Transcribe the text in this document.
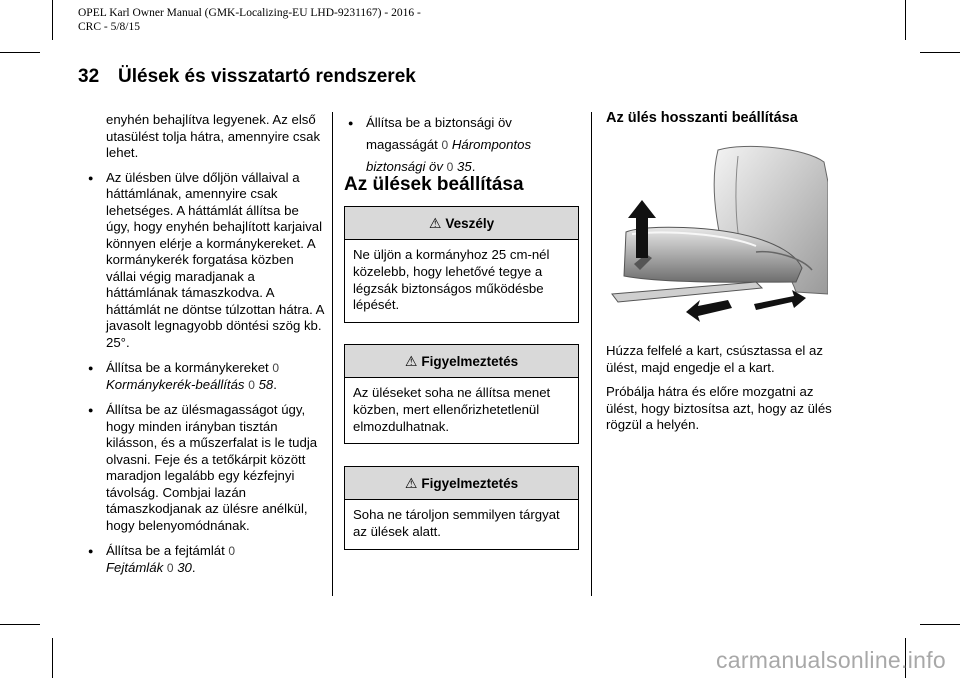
OPEL Karl Owner Manual (GMK-Localizing-EU LHD-9231167) - 2016 -
CRC - 5/8/15
32 Ülések és visszatartó rendszerek

enyhén behajlítva legyenek. Az első utasülést tolja hátra, amennyire csak lehet.

● Az ülésben ülve dőljön vállaival a háttámlának, amennyire csak lehetséges. A háttámlát állítsa be úgy, hogy enyhén behajlított karjaival könnyen elérje a kormánykereket. A kormánykerék forgatása közben vállai végig maradjanak a háttámlának támaszkodva. A háttámlát ne döntse túlzottan hátra. A javasolt legnagyobb döntési szög kb. 25°.
● Állítsa be a kormánykereket 0
Kormánykerék-beállítás 0 58.
● Állítsa be az ülésmagasságot úgy, hogy minden irányban tisztán kilásson, és a műszerfalat is le tudja olvasni. Feje és a tetőkárpit között maradjon legalább egy kézfejnyi távolság. Combjai lazán támaszkodjanak az ülésre anélkül, hogy belenyomódnának.
● Állítsa be a fejtámlát 0
Fejtámlák 0 30.
● Állítsa be a biztonsági öv magasságát 0 Hárompontos biztonsági öv 0 35.
Az ülések beállítása
⚠ Veszély
Ne üljön a kormányhoz 25 cm-nél közelebb, hogy lehetővé tegye a légzsák biztonságos működésbe lépését.
⚠ Figyelmeztetés
Az üléseket soha ne állítsa menet közben, mert ellenőrizhetetlenül elmozdulhatnak.
⚠ Figyelmeztetés
Soha ne tároljon semmilyen tárgyat az ülések alatt.
Az ülés hosszanti beállítása

Húzza felfelé a kart, csúsztassa el az ülést, majd engedje el a kart.

Próbálja hátra és előre mozgatni az ülést, hogy biztosítsa azt, hogy az ülés rögzül a helyén.

carmanualsonline.info
